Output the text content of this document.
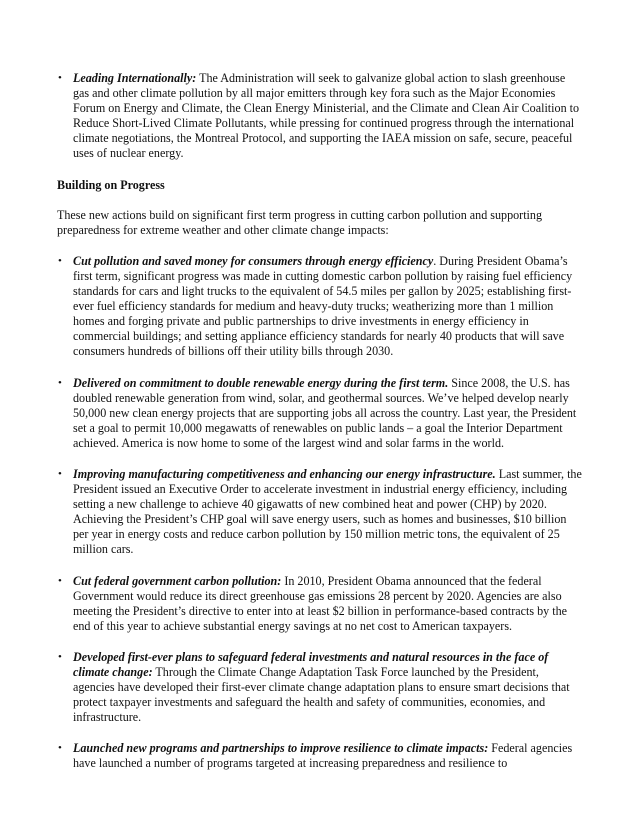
• Leading Internationally: The Administration will seek to galvanize global action to slash greenhouse gas and other climate pollution by all major emitters through key fora such as the Major Economies Forum on Energy and Climate, the Clean Energy Ministerial, and the Climate and Clean Air Coalition to Reduce Short-Lived Climate Pollutants, while pressing for continued progress through the international climate negotiations, the Montreal Protocol, and supporting the IAEA mission on safe, secure, peaceful uses of nuclear energy.

Building on Progress

These new actions build on significant first term progress in cutting carbon pollution and supporting preparedness for extreme weather and other climate change impacts:

• Cut pollution and saved money for consumers through energy efficiency. During President Obama’s first term, significant progress was made in cutting domestic carbon pollution by raising fuel efficiency standards for cars and light trucks to the equivalent of 54.5 miles per gallon by 2025; establishing first-ever fuel efficiency standards for medium and heavy-duty trucks; weatherizing more than 1 million homes and forging private and public partnerships to drive investments in energy efficiency in commercial buildings; and setting appliance efficiency standards for nearly 40 products that will save consumers hundreds of billions off their utility bills through 2030.

• Delivered on commitment to double renewable energy during the first term. Since 2008, the U.S. has doubled renewable generation from wind, solar, and geothermal sources. We’ve helped develop nearly 50,000 new clean energy projects that are supporting jobs all across the country. Last year, the President set a goal to permit 10,000 megawatts of renewables on public lands – a goal the Interior Department achieved. America is now home to some of the largest wind and solar farms in the world.

• Improving manufacturing competitiveness and enhancing our energy infrastructure. Last summer, the President issued an Executive Order to accelerate investment in industrial energy efficiency, including setting a new challenge to achieve 40 gigawatts of new combined heat and power (CHP) by 2020. Achieving the President’s CHP goal will save energy users, such as homes and businesses, $10 billion per year in energy costs and reduce carbon pollution by 150 million metric tons, the equivalent of 25 million cars.

• Cut federal government carbon pollution: In 2010, President Obama announced that the federal Government would reduce its direct greenhouse gas emissions 28 percent by 2020. Agencies are also meeting the President’s directive to enter into at least $2 billion in performance-based contracts by the end of this year to achieve substantial energy savings at no net cost to American taxpayers.

• Developed first-ever plans to safeguard federal investments and natural resources in the face of climate change: Through the Climate Change Adaptation Task Force launched by the President, agencies have developed their first-ever climate change adaptation plans to ensure smart decisions that protect taxpayer investments and safeguard the health and safety of communities, economies, and infrastructure.

• Launched new programs and partnerships to improve resilience to climate impacts: Federal agencies have launched a number of programs targeted at increasing preparedness and resilience to
